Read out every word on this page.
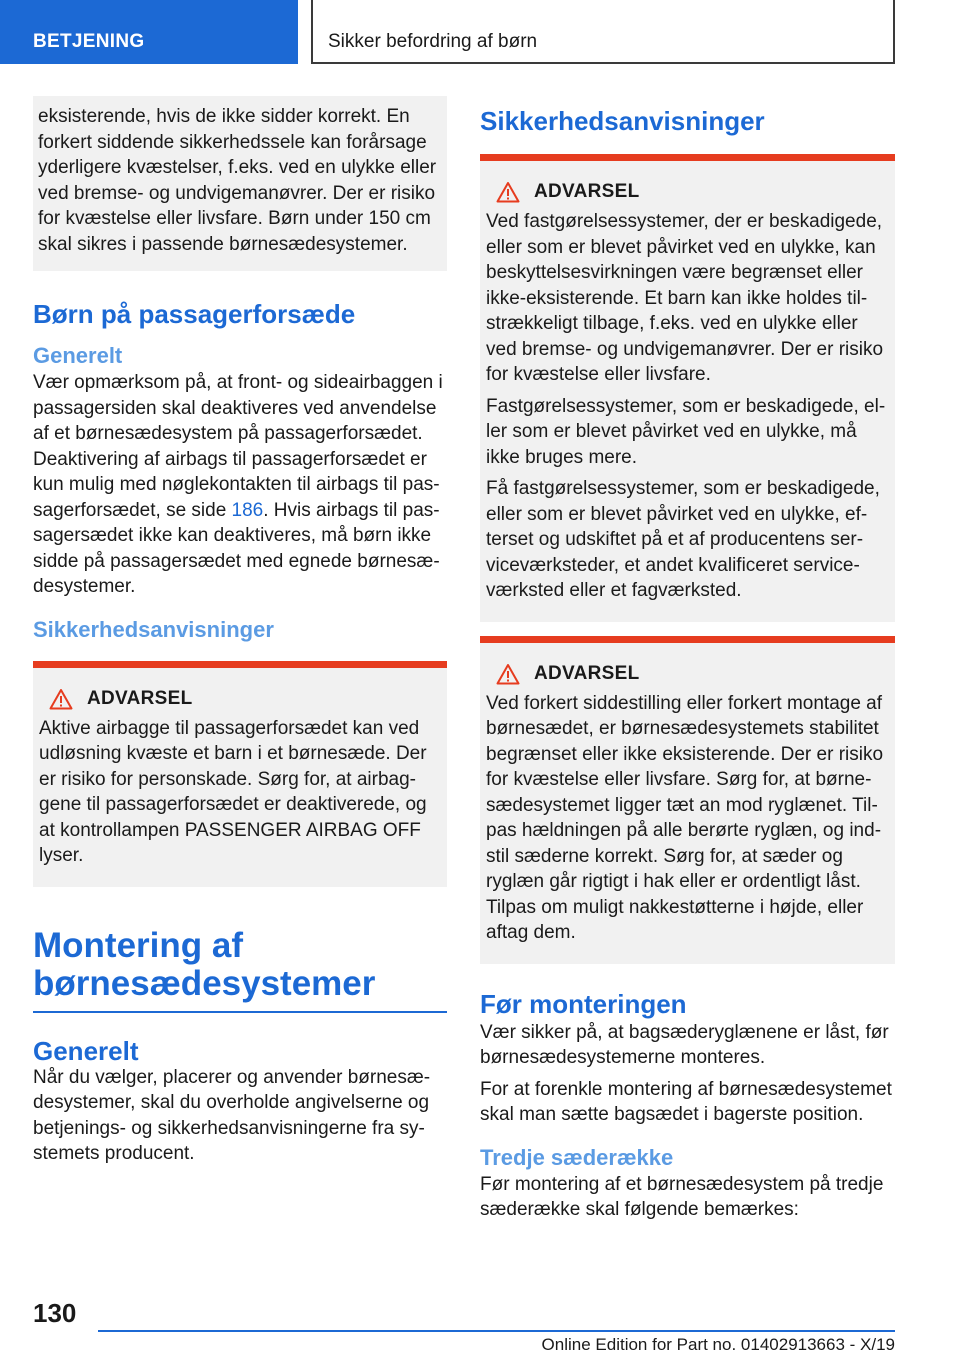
BETJENING	Sikker befordring af børn

eksisterende, hvis de ikke sidder korrekt. En forkert siddende sikkerhedssele kan forårsage yderligere kvæstelser, f.eks. ved en ulykke eller ved bremse- og undvigemanøvrer. Der er risiko for kvæstelse eller livsfare. Børn under 150 cm skal sikres i passende børnesædesystemer.

Børn på passagerforsæde
Generelt

Vær opmærksom på, at front- og sideairbaggen i passagersiden skal deaktiveres ved anvendelse af et børnesædesystem på passagerforsædet. Deaktivering af airbags til passagerforsædet er kun mulig med nøglekontakten til airbags til passagerforsædet, se side 186. Hvis airbags til passagersædet ikke kan deaktiveres, må børn ikke sidde på passagersædet med egnede børnesædesystemer.

Sikkerhedsanvisninger
ADVARSEL

Aktive airbagge til passagerforsædet kan ved udløsning kvæste et barn i et børnesæde. Der er risiko for personskade. Sørg for, at airbaggene til passagerforsædet er deaktiverede, og at kontrollampen PASSENGER AIRBAG OFF lyser.

Montering af børnesædesystemer
Generelt

Når du vælger, placerer og anvender børnesædesystemer, skal du overholde angivelserne og betjenings- og sikkerhedsanvisningerne fra systemets producent.

Sikkerhedsanvisninger
ADVARSEL

Ved fastgørelsessystemer, der er beskadigede, eller som er blevet påvirket ved en ulykke, kan beskyttelsesvirkningen være begrænset eller ikke-eksisterende. Et barn kan ikke holdes tilstrækkeligt tilbage, f.eks. ved en ulykke eller ved bremse- og undvigemanøvrer. Der er risiko for kvæstelse eller livsfare.

Fastgørelsessystemer, som er beskadigede, eller som er blevet påvirket ved en ulykke, må ikke bruges mere.

Få fastgørelsessystemer, som er beskadigede, eller som er blevet påvirket ved en ulykke, efterset og udskiftet på et af producentens serviceværksteder, et andet kvalificeret serviceværksted eller et fagværksted.

ADVARSEL

Ved forkert siddestilling eller forkert montage af børnesædet, er børnesædesystemets stabilitet begrænset eller ikke eksisterende. Der er risiko for kvæstelse eller livsfare. Sørg for, at børnesædesystemet ligger tæt an mod ryglænet. Tilpas hældningen på alle berørte ryglæn, og indstil sæderne korrekt. Sørg for, at sæder og ryglæn går rigtigt i hak eller er ordentligt låst. Tilpas om muligt nakkestøtterne i højde, eller aftag dem.

Før monteringen

Vær sikker på, at bagsæderyglænene er låst, før børnesædesystemerne monteres.

For at forenkle montering af børnesædesystemet skal man sætte bagsædet i bagerste position.

Tredje sæderække

Før montering af et børnesædesystem på tredje sæderække skal følgende bemærkes:

130
Online Edition for Part no. 01402913663 - X/19
